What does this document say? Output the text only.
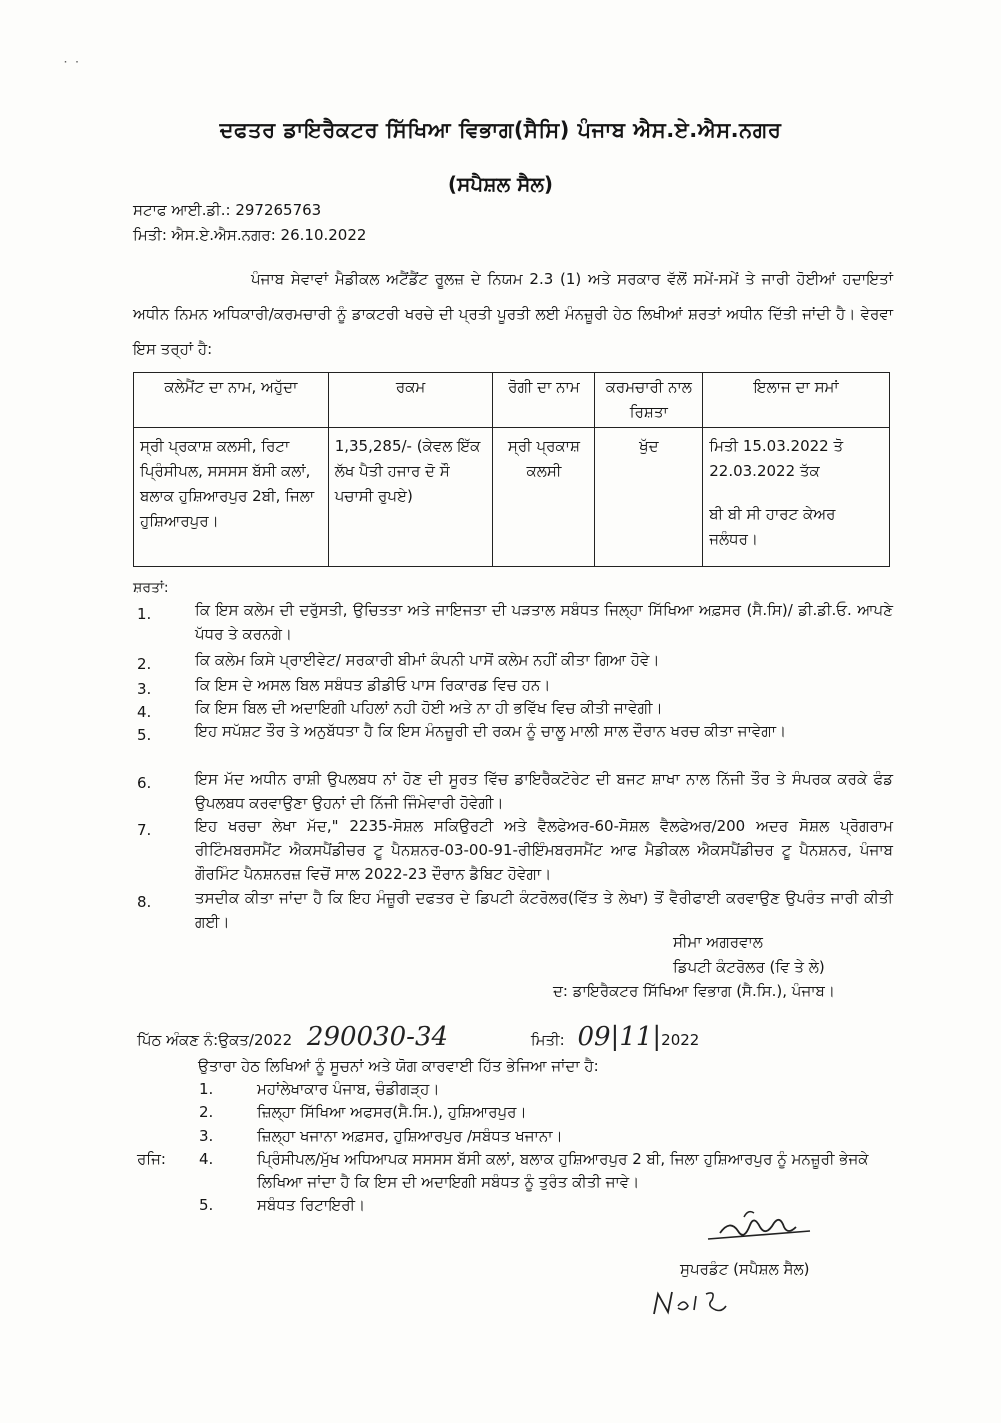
˙ ˙
ਦਫਤਰ ਡਾਇਰੈਕਟਰ ਸਿੱਖਿਆ ਵਿਭਾਗ(ਸੈਸਿ) ਪੰਜਾਬ ਐਸ.ਏ.ਐਸ.ਨਗਰ
(ਸਪੈਸ਼ਲ ਸੈਲ)
ਸਟਾਫ ਆਈ.ਡੀ.: 297265763
ਮਿਤੀ: ਐਸ.ਏ.ਐਸ.ਨਗਰ: 26.10.2022
ਪੰਜਾਬ ਸੇਵਾਵਾਂ ਮੈਡੀਕਲ ਅਟੈਂਡੈਂਟ ਰੂਲਜ਼ ਦੇ ਨਿਯਮ 2.3 (1) ਅਤੇ ਸਰਕਾਰ ਵੱਲੋਂ ਸਮੇਂ-ਸਮੇਂ ਤੇ ਜਾਰੀ ਹੋਈਆਂ ਹਦਾਇਤਾਂ ਅਧੀਨ ਨਿਮਨ ਅਧਿਕਾਰੀ/ਕਰਮਚਾਰੀ ਨੂੰ ਡਾਕਟਰੀ ਖਰਚੇ ਦੀ ਪ੍ਰਤੀ ਪੂਰਤੀ ਲਈ ਮੰਨਜ਼ੂਰੀ ਹੇਠ ਲਿਖੀਆਂ ਸ਼ਰਤਾਂ ਅਧੀਨ ਦਿੱਤੀ ਜਾਂਦੀ ਹੈ। ਵੇਰਵਾ ਇਸ ਤਰ੍ਹਾਂ ਹੈ:
ਕਲੇਮੈਂਟ ਦਾ ਨਾਮ, ਅਹੁੱਦਾ	ਰਕਮ	ਰੋਗੀ ਦਾ ਨਾਮ	ਕਰਮਚਾਰੀ ਨਾਲ ਰਿਸ਼ਤਾ	ਇਲਾਜ ਦਾ ਸਮਾਂ
ਸ੍ਰੀ ਪ੍ਰਕਾਸ਼ ਕਲਸੀ, ਰਿਟਾ ਪ੍ਰਿੰਸੀਪਲ, ਸਸਸਸ ਬੱਸੀ ਕਲਾਂ, ਬਲਾਕ ਹੁਸ਼ਿਆਰਪੁਰ 2ਬੀ, ਜਿਲਾ ਹੁਸ਼ਿਆਰਪੁਰ।	1,35,285/- (ਕੇਵਲ ਇੱਕ ਲੱਖ ਪੈਤੀ ਹਜਾਰ ਦੋ ਸੌ ਪਚਾਸੀ ਰੁਪਏ)	ਸ੍ਰੀ ਪ੍ਰਕਾਸ਼ ਕਲਸੀ	ਖੁੱਦ	ਮਿਤੀ 15.03.2022 ਤੋ 22.03.2022 ਤੱਕ
ਬੀ ਬੀ ਸੀ ਹਾਰਟ ਕੇਅਰ ਜਲੰਧਰ।
ਸ਼ਰਤਾਂ:
1.	ਕਿ ਇਸ ਕਲੇਮ ਦੀ ਦਰੁੱਸਤੀ, ਉਚਿਤਤਾ ਅਤੇ ਜਾਇਜਤਾ ਦੀ ਪੜਤਾਲ ਸਬੰਧਤ ਜਿਲ੍ਹਾ ਸਿੱਖਿਆ ਅਫ਼ਸਰ (ਸੈ.ਸਿ)/ ਡੀ.ਡੀ.ਓ. ਆਪਣੇ ਪੱਧਰ ਤੇ ਕਰਨਗੇ।
2.	ਕਿ ਕਲੇਮ ਕਿਸੇ ਪ੍ਰਾਈਵੇਟ/ ਸਰਕਾਰੀ ਬੀਮਾਂ ਕੰਪਨੀ ਪਾਸੋਂ ਕਲੇਮ ਨਹੀਂ ਕੀਤਾ ਗਿਆ ਹੋਵੇ।
3.	ਕਿ ਇਸ ਦੇ ਅਸਲ ਬਿਲ ਸਬੰਧਤ ਡੀਡੀਓ ਪਾਸ ਰਿਕਾਰਡ ਵਿਚ ਹਨ।
4.	ਕਿ ਇਸ ਬਿਲ ਦੀ ਅਦਾਇਗੀ ਪਹਿਲਾਂ ਨਹੀ ਹੋਈ ਅਤੇ ਨਾ ਹੀ ਭਵਿੱਖ ਵਿਚ ਕੀਤੀ ਜਾਵੇਗੀ।
5.	ਇਹ ਸਪੱਸ਼ਟ ਤੌਰ ਤੇ ਅਨੁਬੱਧਤਾ ਹੈ ਕਿ ਇਸ ਮੰਨਜ਼ੂਰੀ ਦੀ ਰਕਮ ਨੂੰ ਚਾਲੂ ਮਾਲੀ ਸਾਲ ਦੌਰਾਨ ਖਰਚ ਕੀਤਾ ਜਾਵੇਗਾ।
6.	ਇਸ ਮੱਦ ਅਧੀਨ ਰਾਸ਼ੀ ਉਪਲਬਧ ਨਾਂ ਹੋਣ ਦੀ ਸੂਰਤ ਵਿੱਚ ਡਾਇਰੈਕਟੋਰੇਟ ਦੀ ਬਜਟ ਸ਼ਾਖਾ ਨਾਲ ਨਿੱਜੀ ਤੌਰ ਤੇ ਸੰਪਰਕ ਕਰਕੇ ਫੰਡ ਉਪਲਬਧ ਕਰਵਾਉਣਾ ਉਹਨਾਂ ਦੀ ਨਿੱਜੀ ਜਿੰਮੇਵਾਰੀ ਹੋਵੇਗੀ।
7.	ਇਹ ਖਰਚਾ ਲੇਖਾ ਮੱਦ," 2235-ਸੋਸ਼ਲ ਸਕਿਉਰਟੀ ਅਤੇ ਵੈਲਫੇਅਰ-60-ਸੋਸ਼ਲ ਵੈਲਫੇਅਰ/200 ਅਦਰ ਸੋਸ਼ਲ ਪ੍ਰੋਗਰਾਮ ਰੀਟਿੰਮਬਰਸਮੈਂਟ ਐਕਸਪੈਂਡੀਚਰ ਟੂ ਪੈਨਸ਼ਨਰ-03-00-91-ਰੀਇੰਮਬਰਸਮੈਂਟ ਆਫ ਮੈਡੀਕਲ ਐਕਸਪੈਂਡੀਚਰ ਟੂ ਪੈਨਸ਼ਨਰ, ਪੰਜਾਬ ਗੌਰਮਿੰਟ ਪੈਨਸ਼ਨਰਜ਼ ਵਿਚੋਂ ਸਾਲ 2022-23 ਦੌਰਾਨ ਡੈਬਿਟ ਹੋਵੇਗਾ।
8.	ਤਸਦੀਕ ਕੀਤਾ ਜਾਂਦਾ ਹੈ ਕਿ ਇਹ ਮੰਜ਼ੂਰੀ ਦਫਤਰ ਦੇ ਡਿਪਟੀ ਕੰਟਰੋਲਰ(ਵਿੱਤ ਤੇ ਲੇਖਾ) ਤੋਂ ਵੈਰੀਫਾਈ ਕਰਵਾਉਣ ਉਪਰੰਤ ਜਾਰੀ ਕੀਤੀ ਗਈ।
ਸੀਮਾ ਅਗਰਵਾਲ
ਡਿਪਟੀ ਕੰਟਰੋਲਰ (ਵਿ ਤੇ ਲੇ)
ਦ: ਡਾਇਰੈਕਟਰ ਸਿੱਖਿਆ ਵਿਭਾਗ (ਸੈ.ਸਿ.), ਪੰਜਾਬ।
ਪਿੱਠ ਅੰਕਣ ਨੰ:ਉਕਤ/2022 290030-34	ਮਿਤੀ: 09|11|2022
ਉਤਾਰਾ ਹੇਠ ਲਿਖਿਆਂ ਨੂੰ ਸੂਚਨਾਂ ਅਤੇ ਯੋਗ ਕਾਰਵਾਈ ਹਿੱਤ ਭੇਜਿਆ ਜਾਂਦਾ ਹੈ:
1.	ਮਹਾਂਲੇਖਾਕਾਰ ਪੰਜਾਬ, ਚੰਡੀਗੜ੍ਹ।
2.	ਜ਼ਿਲ੍ਹਾ ਸਿੱਖਿਆ ਅਫਸਰ(ਸੈ.ਸਿ.), ਹੁਸ਼ਿਆਰਪੁਰ।
3.	ਜ਼ਿਲ੍ਹਾ ਖਜਾਨਾ ਅਫ਼ਸਰ, ਹੁਸ਼ਿਆਰਪੁਰ /ਸਬੰਧਤ ਖਜਾਨਾ।
ਰਜਿ: 4.	ਪ੍ਰਿੰਸੀਪਲ/ਮੁੱਖ ਅਧਿਆਪਕ ਸਸਸਸ ਬੱਸੀ ਕਲਾਂ, ਬਲਾਕ ਹੁਸ਼ਿਆਰਪੁਰ 2 ਬੀ, ਜਿਲਾ ਹੁਸ਼ਿਆਰਪੁਰ ਨੂੰ ਮਨਜ਼ੂਰੀ ਭੇਜਕੇ ਲਿਖਿਆ ਜਾਂਦਾ ਹੈ ਕਿ ਇਸ ਦੀ ਅਦਾਇਗੀ ਸਬੰਧਤ ਨੂੰ ਤੁਰੰਤ ਕੀਤੀ ਜਾਵੇ।
5.	ਸਬੰਧਤ ਰਿਟਾਇਰੀ।
ਸੁਪਰਡੰਟ (ਸਪੈਸ਼ਲ ਸੈਲ)
